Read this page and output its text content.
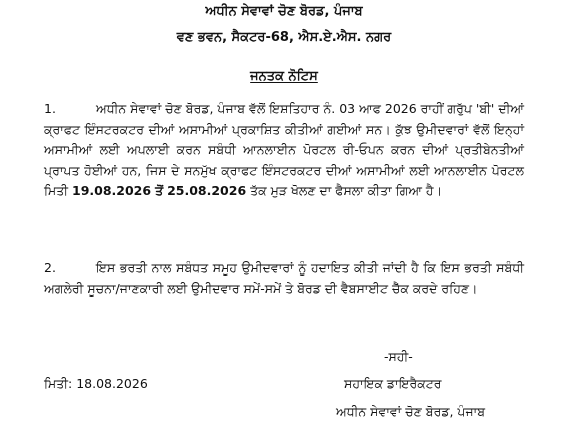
ਅਧੀਨ ਸੇਵਾਵਾਂ ਚੋਣ ਬੋਰਡ, ਪੰਜਾਬ
ਵਣ ਭਵਨ, ਸੈਕਟਰ-68, ਐਸ.ਏ.ਐਸ. ਨਗਰ
ਜਨਤਕ ਨੋਟਿਸ

1.	ਅਧੀਨ ਸੇਵਾਵਾਂ ਚੋਣ ਬੋਰਡ, ਪੰਜਾਬ ਵੱਲੋਂ ਇਸ਼ਤਿਹਾਰ ਨੰ. 03 ਆਫ 2026 ਰਾਹੀਂ ਗਰੁੱਪ 'ਬੀ' ਦੀਆਂ ਕ੍ਰਾਫਟ ਇੰਸਟਰਕਟਰ ਦੀਆਂ ਅਸਾਮੀਆਂ ਪ੍ਰਕਾਸ਼ਿਤ ਕੀਤੀਆਂ ਗਈਆਂ ਸਨ। ਕੁੱਝ ਉਮੀਦਵਾਰਾਂ ਵੱਲੋਂ ਇਨ੍ਹਾਂ ਅਸਾਮੀਆਂ ਲਈ ਅਪਲਾਈ ਕਰਨ ਸਬੰਧੀ ਆਨਲਾਈਨ ਪੋਰਟਲ ਰੀ-ਓਪਨ ਕਰਨ ਦੀਆਂ ਪ੍ਰਤੀਬੇਨਤੀਆਂ ਪ੍ਰਾਪਤ ਹੋਈਆਂ ਹਨ, ਜਿਸ ਦੇ ਸਨਮੁੱਖ ਕ੍ਰਾਫਟ ਇੰਸਟਰਕਟਰ ਦੀਆਂ ਅਸਾਮੀਆਂ ਲਈ ਆਨਲਾਈਨ ਪੋਰਟਲ ਮਿਤੀ 19.08.2026 ਤੋਂ 25.08.2026 ਤੱਕ ਮੁੜ ਖੋਲਣ ਦਾ ਫੈਸਲਾ ਕੀਤਾ ਗਿਆ ਹੈ।

2.	ਇਸ ਭਰਤੀ ਨਾਲ ਸਬੰਧਤ ਸਮੂਹ ਉਮੀਦਵਾਰਾਂ ਨੂੰ ਹਦਾਇਤ ਕੀਤੀ ਜਾਂਦੀ ਹੈ ਕਿ ਇਸ ਭਰਤੀ ਸਬੰਧੀ ਅਗਲੇਰੀ ਸੂਚਨਾ/ਜਾਣਕਾਰੀ ਲਈ ਉਮੀਦਵਾਰ ਸਮੇਂ-ਸਮੇਂ ਤੇ ਬੋਰਡ ਦੀ ਵੈਬਸਾਈਟ ਚੈੱਕ ਕਰਦੇ ਰਹਿਣ।

-ਸਹੀ-
ਮਿਤੀ: 18.08.2026	ਸਹਾਇਕ ਡਾਇਰੈਕਟਰ
ਅਧੀਨ ਸੇਵਾਵਾਂ ਚੋਣ ਬੋਰਡ, ਪੰਜਾਬ
